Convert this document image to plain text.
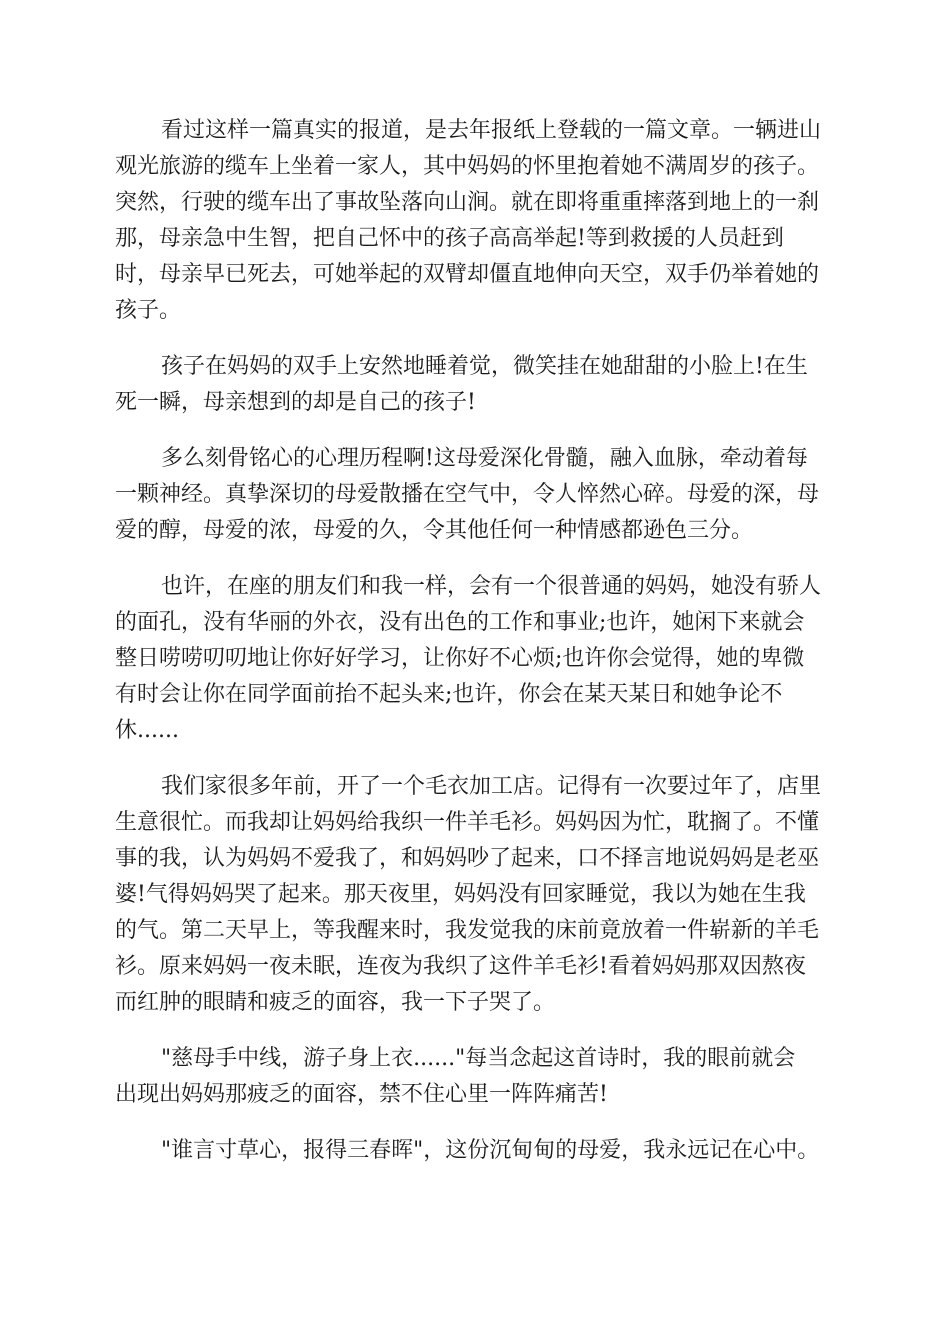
看过这样一篇真实的报道，是去年报纸上登载的一篇文章。一辆进山
观光旅游的缆车上坐着一家人，其中妈妈的怀里抱着她不满周岁的孩子。
突然，行驶的缆车出了事故坠落向山涧。就在即将重重摔落到地上的一刹
那，母亲急中生智，把自己怀中的孩子高高举起!等到救援的人员赶到
时，母亲早已死去，可她举起的双臂却僵直地伸向天空，双手仍举着她的
孩子。
孩子在妈妈的双手上安然地睡着觉，微笑挂在她甜甜的小脸上!在生
死一瞬，母亲想到的却是自己的孩子!
多么刻骨铭心的心理历程啊!这母爱深化骨髓，融入血脉，牵动着每
一颗神经。真挚深切的母爱散播在空气中，令人悴然心碎。母爱的深，母
爱的醇，母爱的浓，母爱的久，令其他任何一种情感都逊色三分。
也许，在座的朋友们和我一样，会有一个很普通的妈妈，她没有骄人
的面孔，没有华丽的外衣，没有出色的工作和事业;也许，她闲下来就会
整日唠唠叨叨地让你好好学习，让你好不心烦;也许你会觉得，她的卑微
有时会让你在同学面前抬不起头来;也许，你会在某天某日和她争论不
休......
我们家很多年前，开了一个毛衣加工店。记得有一次要过年了，店里
生意很忙。而我却让妈妈给我织一件羊毛衫。妈妈因为忙，耽搁了。不懂
事的我，认为妈妈不爱我了，和妈妈吵了起来，口不择言地说妈妈是老巫
婆!气得妈妈哭了起来。那天夜里，妈妈没有回家睡觉，我以为她在生我
的气。第二天早上，等我醒来时，我发觉我的床前竟放着一件崭新的羊毛
衫。原来妈妈一夜未眠，连夜为我织了这件羊毛衫!看着妈妈那双因熬夜
而红肿的眼睛和疲乏的面容，我一下子哭了。
"慈母手中线，游子身上衣......"每当念起这首诗时，我的眼前就会
出现出妈妈那疲乏的面容，禁不住心里一阵阵痛苦!
"谁言寸草心，报得三春晖"，这份沉甸甸的母爱，我永远记在心中。
